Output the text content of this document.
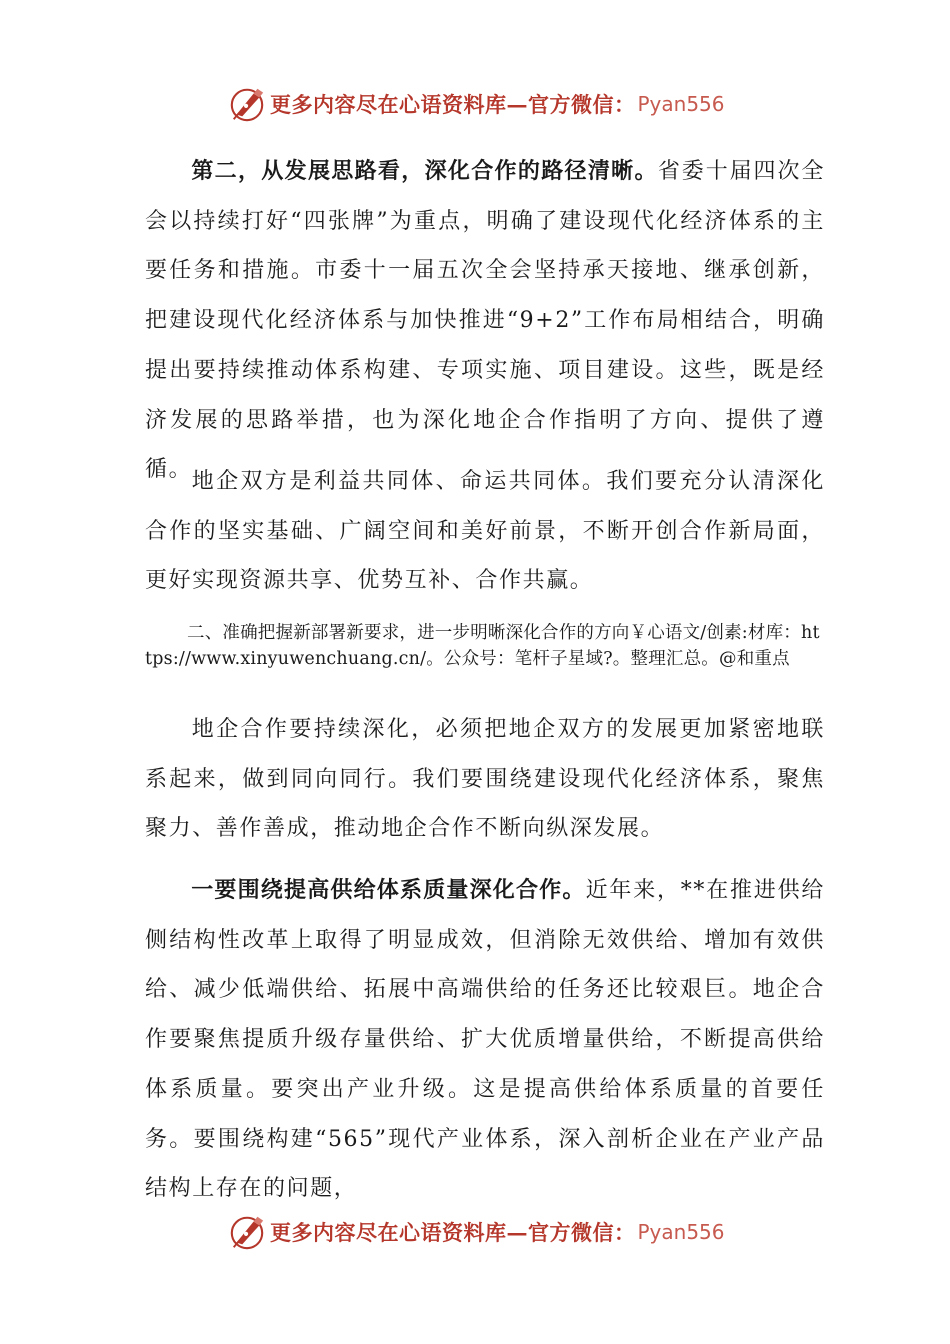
更多内容尽在心语资料库—官方微信： Pyan556

第二，从发展思路看，深化合作的路径清晰。省委十届四次全会以持续打好“四张牌”为重点，明确了建设现代化经济体系的主要任务和措施。市委十一届五次全会坚持承天接地、继承创新，把建设现代化经济体系与加快推进“9+2”工作布局相结合，明确提出要持续推动体系构建、专项实施、项目建设。这些，既是经济发展的思路举措，也为深化地企合作指明了方向、提供了遵循。

地企双方是利益共同体、命运共同体。我们要充分认清深化合作的坚实基础、广阔空间和美好前景，不断开创合作新局面，更好实现资源共享、优势互补、合作共赢。

二、准确把握新部署新要求，进一步明晰深化合作的方向￥心语文/创素:材库：https://www.xinyuwenchuang.cn/。公众号：笔杆子星域?。整理汇总。@和重点

地企合作要持续深化，必须把地企双方的发展更加紧密地联系起来，做到同向同行。我们要围绕建设现代化经济体系，聚焦聚力、善作善成，推动地企合作不断向纵深发展。

一要围绕提高供给体系质量深化合作。近年来，**在推进供给侧结构性改革上取得了明显成效，但消除无效供给、增加有效供给、减少低端供给、拓展中高端供给的任务还比较艰巨。地企合作要聚焦提质升级存量供给、扩大优质增量供给，不断提高供给体系质量。要突出产业升级。这是提高供给体系质量的首要任务。要围绕构建“565”现代产业体系，深入剖析企业在产业产品结构上存在的问题，

更多内容尽在心语资料库—官方微信： Pyan556
